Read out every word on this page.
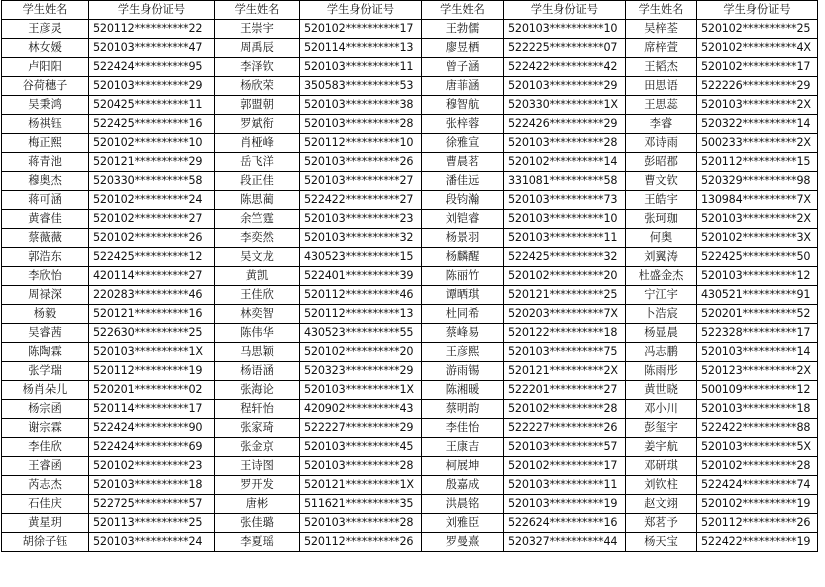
学生姓名	学生身份证号	学生姓名	学生身份证号	学生姓名	学生身份证号	学生姓名	学生身份证号
王彦灵	520112**********22	王崇宇	520102**********17	王勃儒	520103**********10	吴梓荃	520102**********25
林女媛	520103**********47	周禹辰	520114**********13	廖昱栖	522225**********07	席梓萱	520102**********4X
卢阳阳	522424**********95	李泽钦	520103**********11	曾子涵	522422**********42	王韬杰	520102**********17
谷荷穗子	520103**********29	杨欣荣	350583**********53	唐菲涵	520103**********29	田思语	522226**********29
吴秉鸿	520425**********11	郭盟朝	520103**********38	穆智航	520330**********1X	王思蕊	520103**********2X
杨祺钰	522425**********16	罗斌衔	520103**********28	张梓蓉	522426**********29	李睿	520322**********14
梅正熙	520102**********10	肖桠峰	520112**********10	徐雅宣	520103**********28	邓诗雨	500233**********2X
蒋青池	520121**********29	岳飞洋	520103**********26	曹晨茗	520102**********14	彭昭郡	520112**********15
穆奥杰	520330**********58	段正佳	520103**********27	潘佳远	331081**********58	曹文钦	520329**********98
蒋可涵	520102**********24	陈思蔺	522422**********27	段钧瀚	520103**********73	王皓宇	130984**********7X
黄睿佳	520102**********27	余竺霆	520103**********23	刘铠睿	520103**********10	张珂珈	520103**********2X
蔡薇薇	520102**********26	李奕然	520103**********32	杨景羽	520103**********11	何奥	520102**********3X
郭浩东	522425**********12	吴文龙	430523**********15	杨麟醒	522425**********32	刘翼涛	522425**********50
李欣怡	420114**********27	黄凯	522401**********39	陈丽竹	520102**********20	杜盛金杰	520103**********12
周禄深	220283**********46	王佳欣	520112**********46	谭晒琪	520121**********25	宁江宇	430521**********91
杨毅	520121**********16	林奕智	520112**********13	杜同希	520203**********7X	卜浩宸	520201**********52
吴睿茜	522630**********25	陈伟华	430523**********55	蔡峰易	520122**********18	杨显晨	522328**********17
陈陶霖	520103**********1X	马思颖	520102**********20	王彦熙	520103**********75	冯志鹏	520103**********14
张学瑞	520112**********19	杨语涵	520323**********29	游雨锡	520121**********2X	陈雨彤	520123**********2X
杨肖朵儿	520201**********02	张海论	520103**********1X	陈湘暖	522201**********27	黄世晓	500109**********12
杨宗函	520114**********17	程轩怡	420902**********43	蔡明韵	520102**********28	邓小川	520103**********18
谢宗霖	522424**********90	张家琦	522227**********29	李佳怡	522227**********26	彭玺宇	522422**********88
李佳欣	522424**********69	张金京	520103**********45	王康吉	520103**********57	姜宇航	520103**********5X
王睿函	520102**********23	王诗图	520103**********28	柯展坤	520102**********17	邓研琪	520102**********28
芮志杰	520103**********18	罗开发	520121**********1X	殷嘉成	520103**********11	刘钦柱	522424**********74
石佳庆	522725**********57	唐彬	511621**********35	洪晨铭	520103**********19	赵文翊	520102**********19
黄星玥	520113**********25	张佳璐	520103**********28	刘雅臣	522624**********16	郑茗予	520112**********26
胡徐子钰	520103**********24	李夏瑶	520112**********26	罗曼熹	520327**********44	杨天宝	522422**********19
